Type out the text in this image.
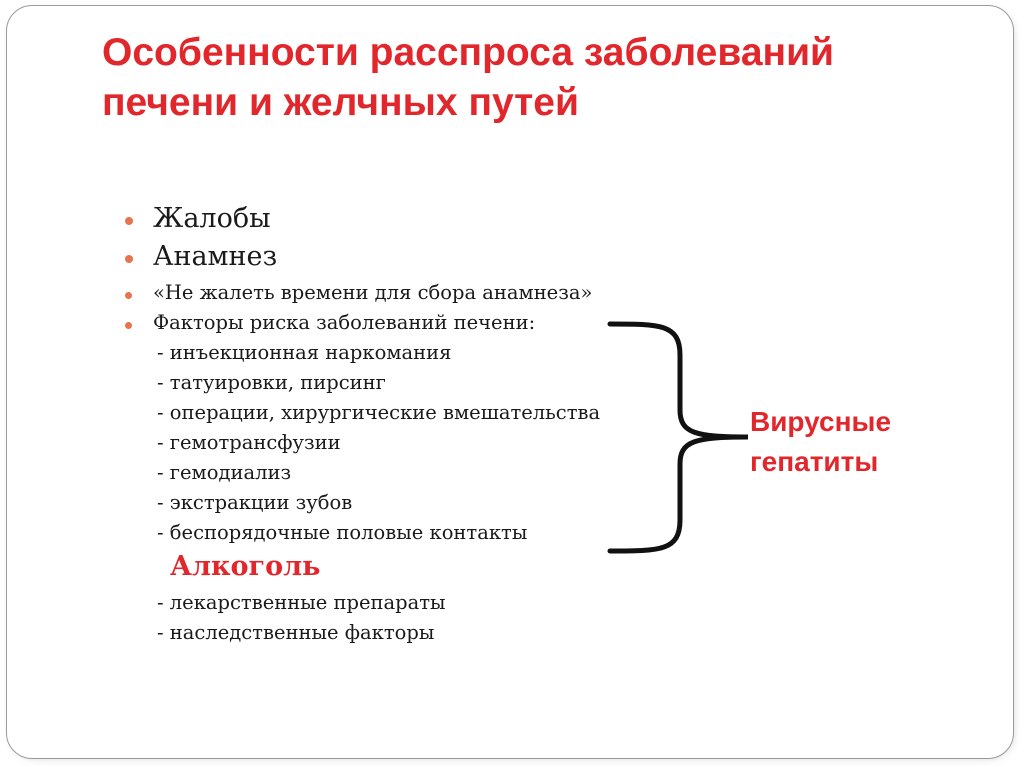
Особенности расспроса заболеваний
печени и желчных путей
Жалобы
Анамнез
«Не жалеть времени для сбора анамнеза»
Факторы риска заболеваний печени:
- инъекционная наркомания
- татуировки, пирсинг
- операции, хирургические вмешательства
- гемотрансфузии
- гемодиализ
- экстракции зубов
- беспорядочные половые контакты
Алкоголь
- лекарственные препараты
- наследственные факторы
Вирусные
гепатиты
